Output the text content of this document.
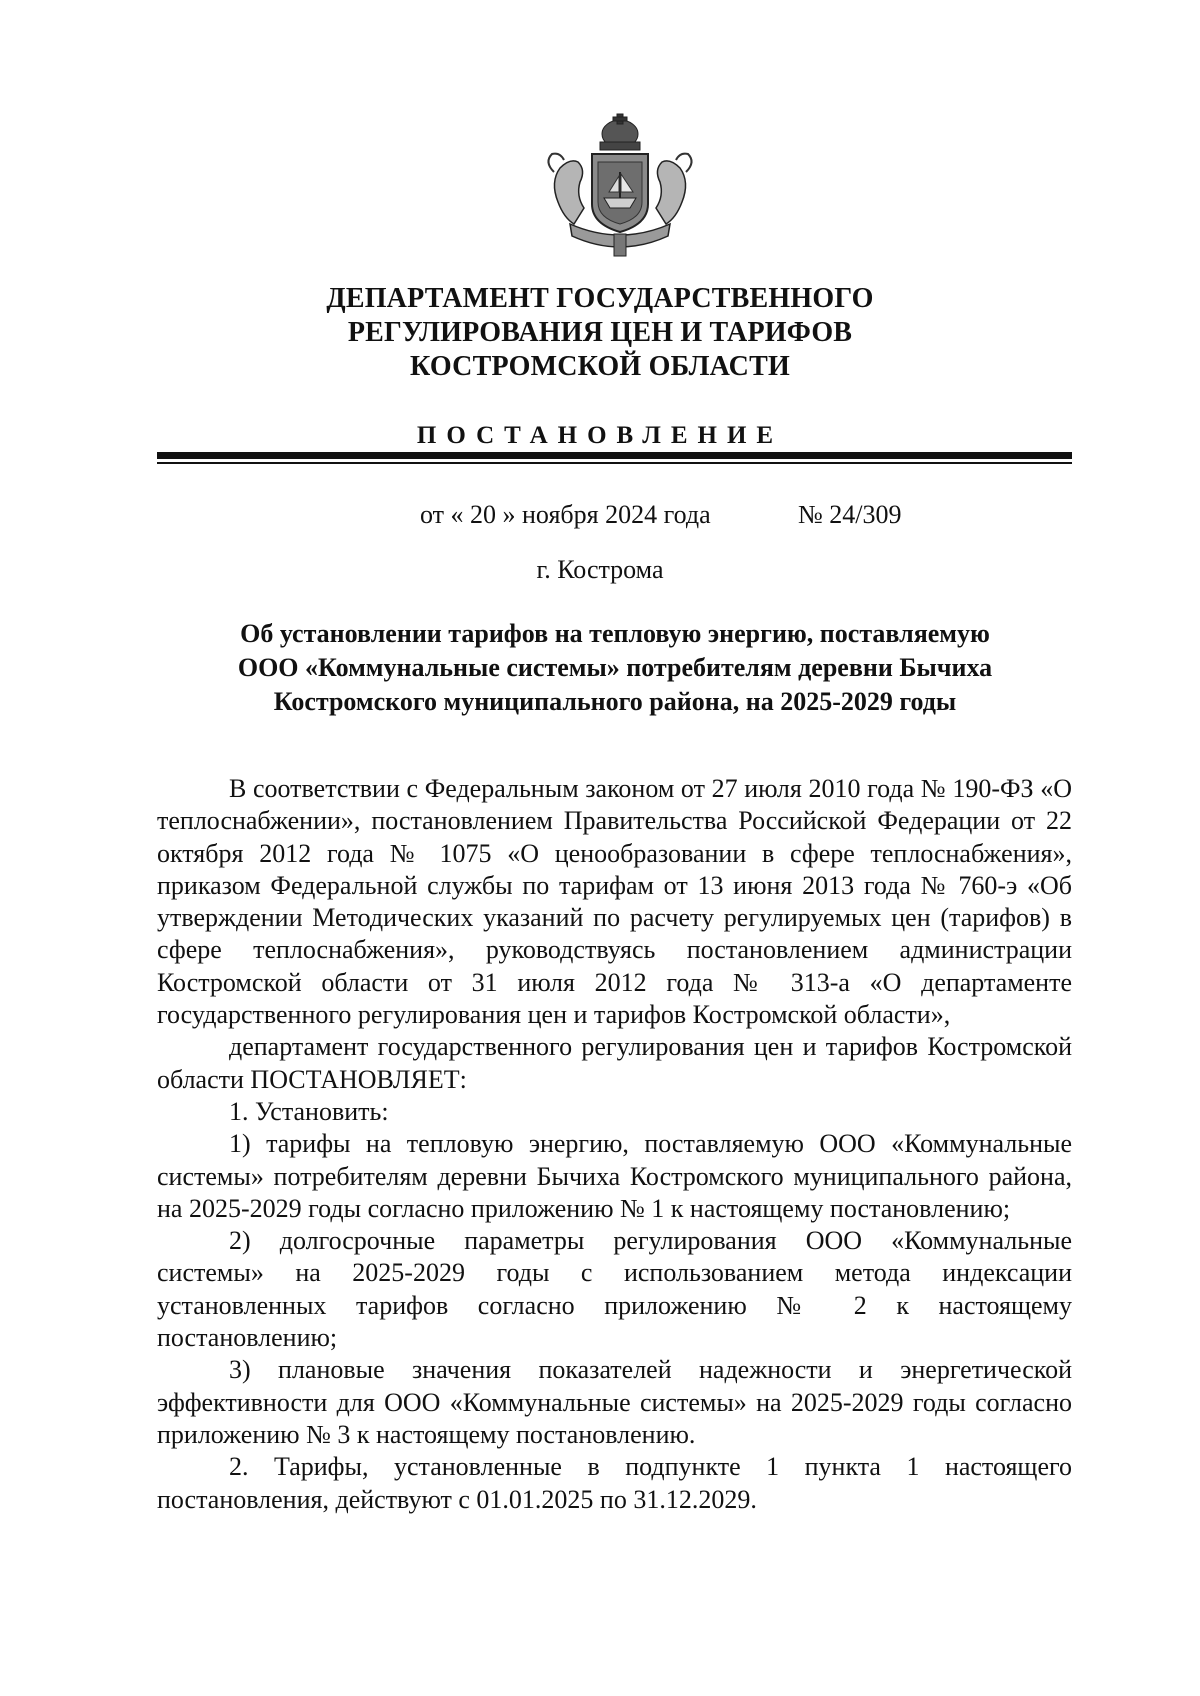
ДЕПАРТАМЕНТ ГОСУДАРСТВЕННОГО
РЕГУЛИРОВАНИЯ ЦЕН И ТАРИФОВ
КОСТРОМСКОЙ ОБЛАСТИ
ПОСТАНОВЛЕНИЕ
от « 20 » ноября 2024 года	№ 24/309
г. Кострома
Об установлении тарифов на тепловую энергию, поставляемую
ООО «Коммунальные системы» потребителям деревни Бычиха
Костромского муниципального района, на 2025-2029 годы

В соответствии с Федеральным законом от 27 июля 2010 года № 190-ФЗ «О теплоснабжении», постановлением Правительства Российской Федерации от 22 октября 2012 года № 1075 «О ценообразовании в сфере теплоснабжения», приказом Федеральной службы по тарифам от 13 июня 2013 года № 760-э «Об утверждении Методических указаний по расчету регулируемых цен (тарифов) в сфере теплоснабжения», руководствуясь постановлением администрации Костромской области от 31 июля 2012 года № 313-а «О департаменте государственного регулирования цен и тарифов Костромской области»,

департамент государственного регулирования цен и тарифов Костромской области ПОСТАНОВЛЯЕТ:

1. Установить:

1) тарифы на тепловую энергию, поставляемую ООО «Коммунальные системы» потребителям деревни Бычиха Костромского муниципального района, на 2025-2029 годы согласно приложению № 1 к настоящему постановлению;

2) долгосрочные параметры регулирования ООО «Коммунальные системы» на 2025-2029 годы с использованием метода индексации установленных тарифов согласно приложению № 2 к настоящему постановлению;

3) плановые значения показателей надежности и энергетической эффективности для ООО «Коммунальные системы» на 2025-2029 годы согласно приложению № 3 к настоящему постановлению.

2. Тарифы, установленные в подпункте 1 пункта 1 настоящего постановления, действуют с 01.01.2025 по 31.12.2029.
